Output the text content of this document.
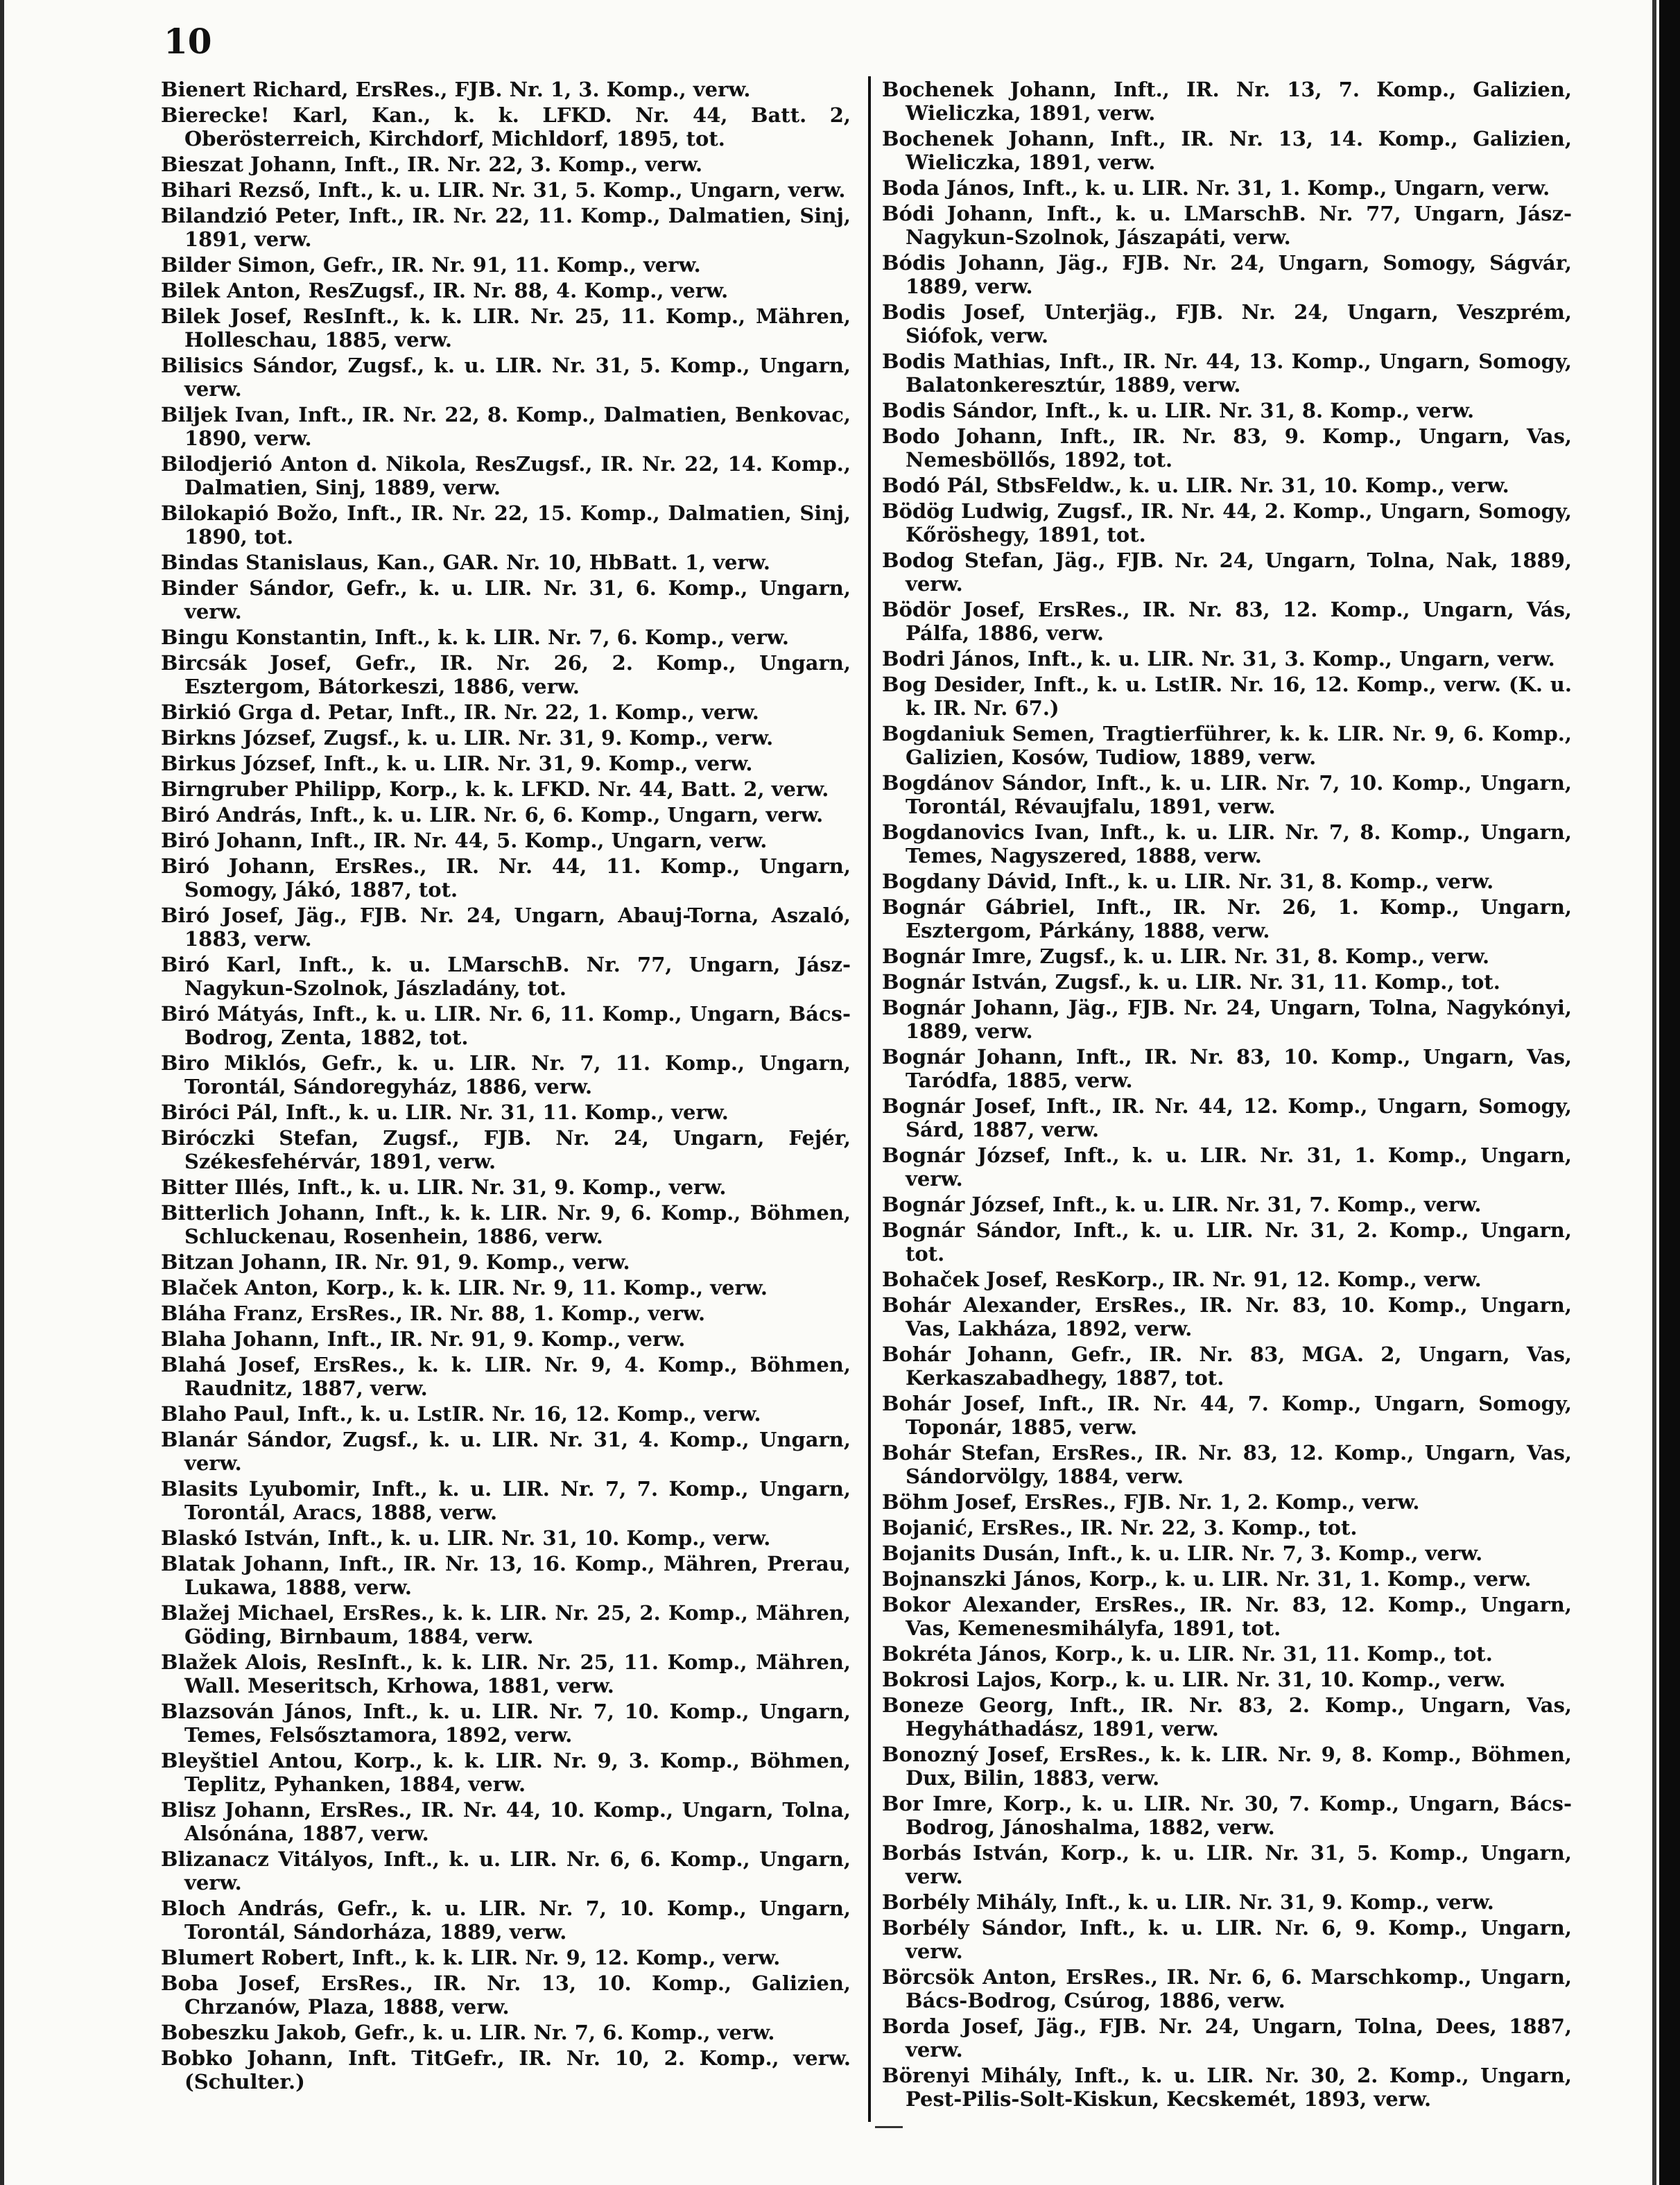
10

Bienert Richard, ErsRes., FJB. Nr. 1, 3. Komp., verw.

Bierecke! Karl, Kan., k. k. LFKD. Nr. 44, Batt. 2, Oberösterreich, Kirchdorf, Michldorf, 1895, tot.

Bieszat Johann, Inft., IR. Nr. 22, 3. Komp., verw.

Bihari Rezső, Inft., k. u. LIR. Nr. 31, 5. Komp., Ungarn, verw.

Bilandzió Peter, Inft., IR. Nr. 22, 11. Komp., Dalmatien, Sinj, 1891, verw.

Bilder Simon, Gefr., IR. Nr. 91, 11. Komp., verw.

Bilek Anton, ResZugsf., IR. Nr. 88, 4. Komp., verw.

Bilek Josef, ResInft., k. k. LIR. Nr. 25, 11. Komp., Mähren, Holleschau, 1885, verw.

Bilisics Sándor, Zugsf., k. u. LIR. Nr. 31, 5. Komp., Ungarn, verw.

Biljek Ivan, Inft., IR. Nr. 22, 8. Komp., Dalmatien, Benkovac, 1890, verw.

Bilodjerió Anton d. Nikola, ResZugsf., IR. Nr. 22, 14. Komp., Dalmatien, Sinj, 1889, verw.

Bilokapió Božo, Inft., IR. Nr. 22, 15. Komp., Dalmatien, Sinj, 1890, tot.

Bindas Stanislaus, Kan., GAR. Nr. 10, HbBatt. 1, verw.

Binder Sándor, Gefr., k. u. LIR. Nr. 31, 6. Komp., Ungarn, verw.

Bingu Konstantin, Inft., k. k. LIR. Nr. 7, 6. Komp., verw.

Bircsák Josef, Gefr., IR. Nr. 26, 2. Komp., Ungarn, Esztergom, Bátorkeszi, 1886, verw.

Birkió Grga d. Petar, Inft., IR. Nr. 22, 1. Komp., verw.

Birkns József, Zugsf., k. u. LIR. Nr. 31, 9. Komp., verw.

Birkus József, Inft., k. u. LIR. Nr. 31, 9. Komp., verw.

Birngruber Philipp, Korp., k. k. LFKD. Nr. 44, Batt. 2, verw.

Biró András, Inft., k. u. LIR. Nr. 6, 6. Komp., Ungarn, verw.

Biró Johann, Inft., IR. Nr. 44, 5. Komp., Ungarn, verw.

Biró Johann, ErsRes., IR. Nr. 44, 11. Komp., Ungarn, Somogy, Jákó, 1887, tot.

Biró Josef, Jäg., FJB. Nr. 24, Ungarn, Abauj-Torna, Aszaló, 1883, verw.

Biró Karl, Inft., k. u. LMarschB. Nr. 77, Ungarn, Jász-Nagykun-Szolnok, Jászladány, tot.

Biró Mátyás, Inft., k. u. LIR. Nr. 6, 11. Komp., Ungarn, Bács-Bodrog, Zenta, 1882, tot.

Biro Miklós, Gefr., k. u. LIR. Nr. 7, 11. Komp., Ungarn, Torontál, Sándoregyház, 1886, verw.

Biróci Pál, Inft., k. u. LIR. Nr. 31, 11. Komp., verw.

Biróczki Stefan, Zugsf., FJB. Nr. 24, Ungarn, Fejér, Székesfehérvár, 1891, verw.

Bitter Illés, Inft., k. u. LIR. Nr. 31, 9. Komp., verw.

Bitterlich Johann, Inft., k. k. LIR. Nr. 9, 6. Komp., Böhmen, Schluckenau, Rosenhein, 1886, verw.

Bitzan Johann, IR. Nr. 91, 9. Komp., verw.

Blaček Anton, Korp., k. k. LIR. Nr. 9, 11. Komp., verw.

Bláha Franz, ErsRes., IR. Nr. 88, 1. Komp., verw.

Blaha Johann, Inft., IR. Nr. 91, 9. Komp., verw.

Blahá Josef, ErsRes., k. k. LIR. Nr. 9, 4. Komp., Böhmen, Raudnitz, 1887, verw.

Blaho Paul, Inft., k. u. LstIR. Nr. 16, 12. Komp., verw.

Blanár Sándor, Zugsf., k. u. LIR. Nr. 31, 4. Komp., Ungarn, verw.

Blasits Lyubomir, Inft., k. u. LIR. Nr. 7, 7. Komp., Ungarn, Torontál, Aracs, 1888, verw.

Blaskó István, Inft., k. u. LIR. Nr. 31, 10. Komp., verw.

Blatak Johann, Inft., IR. Nr. 13, 16. Komp., Mähren, Prerau, Lukawa, 1888, verw.

Blažej Michael, ErsRes., k. k. LIR. Nr. 25, 2. Komp., Mähren, Göding, Birnbaum, 1884, verw.

Blažek Alois, ResInft., k. k. LIR. Nr. 25, 11. Komp., Mähren, Wall. Meseritsch, Krhowa, 1881, verw.

Blazsován János, Inft., k. u. LIR. Nr. 7, 10. Komp., Ungarn, Temes, Felsősztamora, 1892, verw.

Bleyštiel Antou, Korp., k. k. LIR. Nr. 9, 3. Komp., Böhmen, Teplitz, Pyhanken, 1884, verw.

Blisz Johann, ErsRes., IR. Nr. 44, 10. Komp., Ungarn, Tolna, Alsónána, 1887, verw.

Blizanacz Vitályos, Inft., k. u. LIR. Nr. 6, 6. Komp., Ungarn, verw.

Bloch András, Gefr., k. u. LIR. Nr. 7, 10. Komp., Ungarn, Torontál, Sándorháza, 1889, verw.

Blumert Robert, Inft., k. k. LIR. Nr. 9, 12. Komp., verw.

Boba Josef, ErsRes., IR. Nr. 13, 10. Komp., Galizien, Chrzanów, Plaza, 1888, verw.

Bobeszku Jakob, Gefr., k. u. LIR. Nr. 7, 6. Komp., verw.

Bobko Johann, Inft. TitGefr., IR. Nr. 10, 2. Komp., verw. (Schulter.)

Bochenek Johann, Inft., IR. Nr. 13, 7. Komp., Galizien, Wieliczka, 1891, verw.

Bochenek Johann, Inft., IR. Nr. 13, 14. Komp., Galizien, Wieliczka, 1891, verw.

Boda János, Inft., k. u. LIR. Nr. 31, 1. Komp., Ungarn, verw.

Bódi Johann, Inft., k. u. LMarschB. Nr. 77, Ungarn, Jász-Nagykun-Szolnok, Jászapáti, verw.

Bódis Johann, Jäg., FJB. Nr. 24, Ungarn, Somogy, Ságvár, 1889, verw.

Bodis Josef, Unterjäg., FJB. Nr. 24, Ungarn, Veszprém, Siófok, verw.

Bodis Mathias, Inft., IR. Nr. 44, 13. Komp., Ungarn, Somogy, Balatonkeresztúr, 1889, verw.

Bodis Sándor, Inft., k. u. LIR. Nr. 31, 8. Komp., verw.

Bodo Johann, Inft., IR. Nr. 83, 9. Komp., Ungarn, Vas, Nemesböllős, 1892, tot.

Bodó Pál, StbsFeldw., k. u. LIR. Nr. 31, 10. Komp., verw.

Bödög Ludwig, Zugsf., IR. Nr. 44, 2. Komp., Ungarn, Somogy, Kőröshegy, 1891, tot.

Bodog Stefan, Jäg., FJB. Nr. 24, Ungarn, Tolna, Nak, 1889, verw.

Bödör Josef, ErsRes., IR. Nr. 83, 12. Komp., Ungarn, Vás, Pálfa, 1886, verw.

Bodri János, Inft., k. u. LIR. Nr. 31, 3. Komp., Ungarn, verw.

Bog Desider, Inft., k. u. LstIR. Nr. 16, 12. Komp., verw. (K. u. k. IR. Nr. 67.)

Bogdaniuk Semen, Tragtierführer, k. k. LIR. Nr. 9, 6. Komp., Galizien, Kosów, Tudiow, 1889, verw.

Bogdánov Sándor, Inft., k. u. LIR. Nr. 7, 10. Komp., Ungarn, Torontál, Révaujfalu, 1891, verw.

Bogdanovics Ivan, Inft., k. u. LIR. Nr. 7, 8. Komp., Ungarn, Temes, Nagyszered, 1888, verw.

Bogdany Dávid, Inft., k. u. LIR. Nr. 31, 8. Komp., verw.

Bognár Gábriel, Inft., IR. Nr. 26, 1. Komp., Ungarn, Esztergom, Párkány, 1888, verw.

Bognár Imre, Zugsf., k. u. LIR. Nr. 31, 8. Komp., verw.

Bognár István, Zugsf., k. u. LIR. Nr. 31, 11. Komp., tot.

Bognár Johann, Jäg., FJB. Nr. 24, Ungarn, Tolna, Nagykónyi, 1889, verw.

Bognár Johann, Inft., IR. Nr. 83, 10. Komp., Ungarn, Vas, Taródfa, 1885, verw.

Bognár Josef, Inft., IR. Nr. 44, 12. Komp., Ungarn, Somogy, Sárd, 1887, verw.

Bognár József, Inft., k. u. LIR. Nr. 31, 1. Komp., Ungarn, verw.

Bognár József, Inft., k. u. LIR. Nr. 31, 7. Komp., verw.

Bognár Sándor, Inft., k. u. LIR. Nr. 31, 2. Komp., Ungarn, tot.

Bohaček Josef, ResKorp., IR. Nr. 91, 12. Komp., verw.

Bohár Alexander, ErsRes., IR. Nr. 83, 10. Komp., Ungarn, Vas, Lakháza, 1892, verw.

Bohár Johann, Gefr., IR. Nr. 83, MGA. 2, Ungarn, Vas, Kerkaszabadhegy, 1887, tot.

Bohár Josef, Inft., IR. Nr. 44, 7. Komp., Ungarn, Somogy, Toponár, 1885, verw.

Bohár Stefan, ErsRes., IR. Nr. 83, 12. Komp., Ungarn, Vas, Sándorvölgy, 1884, verw.

Böhm Josef, ErsRes., FJB. Nr. 1, 2. Komp., verw.

Bojanić, ErsRes., IR. Nr. 22, 3. Komp., tot.

Bojanits Dusán, Inft., k. u. LIR. Nr. 7, 3. Komp., verw.

Bojnanszki János, Korp., k. u. LIR. Nr. 31, 1. Komp., verw.

Bokor Alexander, ErsRes., IR. Nr. 83, 12. Komp., Ungarn, Vas, Kemenesmihályfa, 1891, tot.

Bokréta János, Korp., k. u. LIR. Nr. 31, 11. Komp., tot.

Bokrosi Lajos, Korp., k. u. LIR. Nr. 31, 10. Komp., verw.

Boneze Georg, Inft., IR. Nr. 83, 2. Komp., Ungarn, Vas, Hegyháthadász, 1891, verw.

Bonozný Josef, ErsRes., k. k. LIR. Nr. 9, 8. Komp., Böhmen, Dux, Bilin, 1883, verw.

Bor Imre, Korp., k. u. LIR. Nr. 30, 7. Komp., Ungarn, Bács-Bodrog, Jánoshalma, 1882, verw.

Borbás István, Korp., k. u. LIR. Nr. 31, 5. Komp., Ungarn, verw.

Borbély Mihály, Inft., k. u. LIR. Nr. 31, 9. Komp., verw.

Borbély Sándor, Inft., k. u. LIR. Nr. 6, 9. Komp., Ungarn, verw.

Börcsök Anton, ErsRes., IR. Nr. 6, 6. Marschkomp., Ungarn, Bács-Bodrog, Csúrog, 1886, verw.

Borda Josef, Jäg., FJB. Nr. 24, Ungarn, Tolna, Dees, 1887, verw.

Börenyi Mihály, Inft., k. u. LIR. Nr. 30, 2. Komp., Ungarn, Pest-Pilis-Solt-Kiskun, Kecskemét, 1893, verw.
